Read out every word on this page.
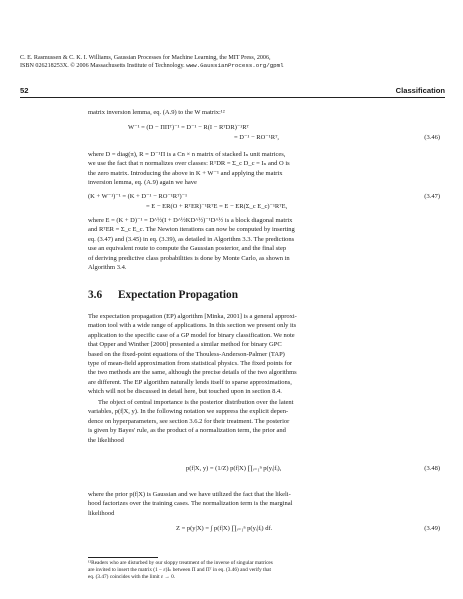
C. E. Rasmussen & C. K. I. Williams, Gaussian Processes for Machine Learning, the MIT Press, 2006,
ISBN 026218253X. © 2006 Massachusetts Institute of Technology. www.GaussianProcess.org/gpml
52	Classification
matrix inversion lemma, eq. (A.9) to the W matrix:¹²
W⁻¹ = (D − ΠΠᵀ)⁻¹ = D⁻¹ − R(I − RᵀDR)⁻¹Rᵀ
= D⁻¹ − RO⁻¹Rᵀ,	(3.46)
where D = diag(π), R = D⁻¹Π is a Cn × n matrix of stacked Iₙ unit matrices,
we use the fact that π normalizes over classes: RᵀDR = Σ_c D_c = Iₙ and O is
the zero matrix. Introducing the above in K + W⁻¹ and applying the matrix
inversion lemma, eq. (A.9) again we have
(K + W⁻¹)⁻¹ = (K + D⁻¹ − RO⁻¹Rᵀ)⁻¹	(3.47)
= E − ER(O + RᵀER)⁻¹RᵀE = E − ER(Σ_c E_c)⁻¹RᵀE,
where E = (K + D)⁻¹ = D^½(I + D^½KD^½)⁻¹D^½ is a block diagonal matrix
and RᵀER = Σ_c E_c. The Newton iterations can now be computed by inserting
eq. (3.47) and (3.45) in eq. (3.39), as detailed in Algorithm 3.3. The predictions
use an equivalent route to compute the Gaussian posterior, and the final step
of deriving predictive class probabilities is done by Monte Carlo, as shown in
Algorithm 3.4.
3.6 Expectation Propagation
The expectation propagation (EP) algorithm [Minka, 2001] is a general approxi-
mation tool with a wide range of applications. In this section we present only its
application to the specific case of a GP model for binary classification. We note
that Opper and Winther [2000] presented a similar method for binary GPC
based on the fixed-point equations of the Thouless-Anderson-Palmer (TAP)
type of mean-field approximation from statistical physics. The fixed points for
the two methods are the same, although the precise details of the two algorithms
are different. The EP algorithm naturally lends itself to sparse approximations,
which will not be discussed in detail here, but touched upon in section 8.4.
The object of central importance is the posterior distribution over the latent
variables, p(f|X, y). In the following notation we suppress the explicit depen-
dence on hyperparameters, see section 3.6.2 for their treatment. The posterior
is given by Bayes' rule, as the product of a normalization term, the prior and
the likelihood
p(f|X, y) = (1/Z) p(f|X) ∏ᵢ₌₁ⁿ p(yᵢ|fᵢ),	(3.48)
where the prior p(f|X) is Gaussian and we have utilized the fact that the likeli-
hood factorizes over the training cases. The normalization term is the marginal
likelihood
Z = p(y|X) = ∫ p(f|X) ∏ᵢ₌₁ⁿ p(yᵢ|fᵢ) df.	(3.49)
¹²Readers who are disturbed by our sloppy treatment of the inverse of singular matrices
are invited to insert the matrix (1 − ε)Iₙ between Π and Πᵀ in eq. (3.46) and verify that
eq. (3.47) coincides with the limit ε → 0.
